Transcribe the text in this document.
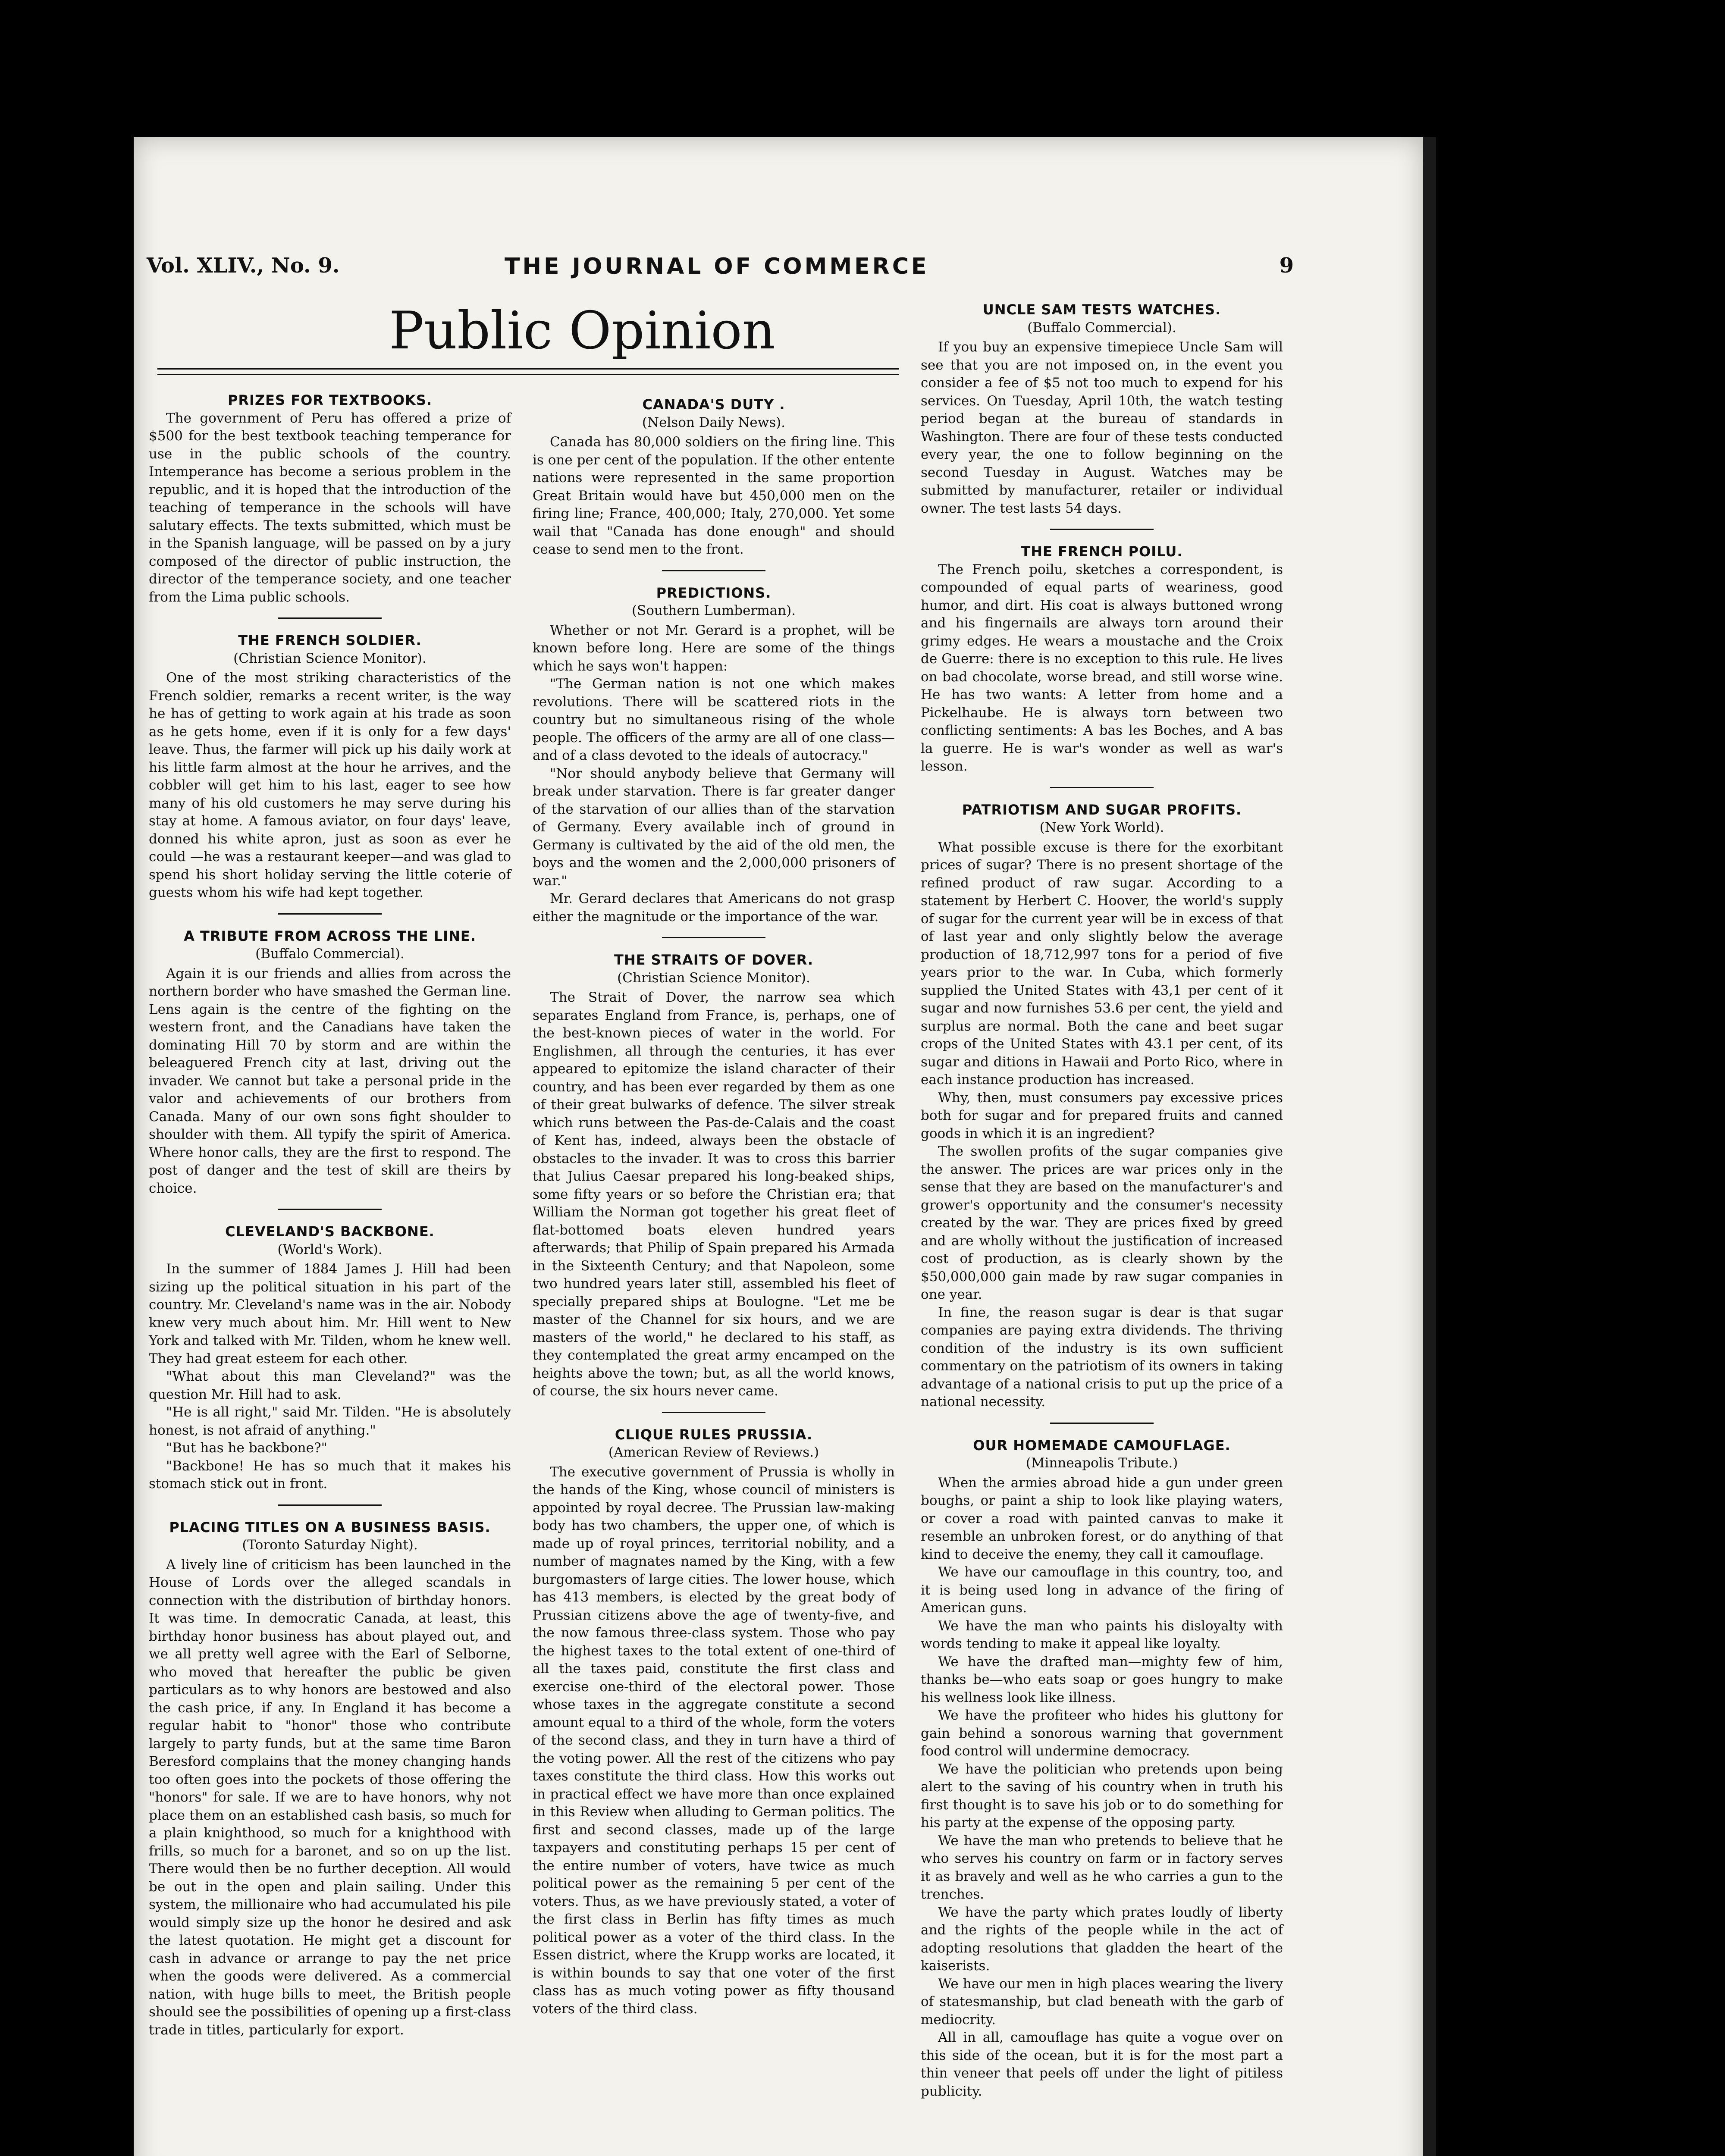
Vol. XLIV., No. 9.	THE JOURNAL OF COMMERCE	9
Public Opinion
PRIZES FOR TEXTBOOKS.

The government of Peru has offered a prize of $500 for the best textbook teaching temperance for use in the public schools of the country. Intemperance has become a serious problem in the republic, and it is hoped that the introduction of the teaching of temperance in the schools will have salutary effects. The texts submitted, which must be in the Spanish language, will be passed on by a jury composed of the director of public instruction, the director of the temperance society, and one teacher from the Lima public schools.

THE FRENCH SOLDIER.
(Christian Science Monitor).

One of the most striking characteristics of the French soldier, remarks a recent writer, is the way he has of getting to work again at his trade as soon as he gets home, even if it is only for a few days' leave. Thus, the farmer will pick up his daily work at his little farm almost at the hour he arrives, and the cobbler will get him to his last, eager to see how many of his old customers he may serve during his stay at home. A famous aviator, on four days' leave, donned his white apron, just as soon as ever he could —he was a restaurant keeper—and was glad to spend his short holiday serving the little coterie of guests whom his wife had kept together.

A TRIBUTE FROM ACROSS THE LINE.
(Buffalo Commercial).

Again it is our friends and allies from across the northern border who have smashed the German line. Lens again is the centre of the fighting on the western front, and the Canadians have taken the dominating Hill 70 by storm and are within the beleaguered French city at last, driving out the invader. We cannot but take a personal pride in the valor and achievements of our brothers from Canada. Many of our own sons fight shoulder to shoulder with them. All typify the spirit of America. Where honor calls, they are the first to respond. The post of danger and the test of skill are theirs by choice.

CLEVELAND'S BACKBONE.
(World's Work).

In the summer of 1884 James J. Hill had been sizing up the political situation in his part of the country. Mr. Cleveland's name was in the air. Nobody knew very much about him. Mr. Hill went to New York and talked with Mr. Tilden, whom he knew well. They had great esteem for each other.

"What about this man Cleveland?" was the question Mr. Hill had to ask.

"He is all right," said Mr. Tilden. "He is absolutely honest, is not afraid of anything."

"But has he backbone?"

"Backbone! He has so much that it makes his stomach stick out in front.

PLACING TITLES ON A BUSINESS BASIS.
(Toronto Saturday Night).

A lively line of criticism has been launched in the House of Lords over the alleged scandals in connection with the distribution of birthday honors. It was time. In democratic Canada, at least, this birthday honor business has about played out, and we all pretty well agree with the Earl of Selborne, who moved that hereafter the public be given particulars as to why honors are bestowed and also the cash price, if any. In England it has become a regular habit to "honor" those who contribute largely to party funds, but at the same time Baron Beresford complains that the money changing hands too often goes into the pockets of those offering the "honors" for sale. If we are to have honors, why not place them on an established cash basis, so much for a plain knighthood, so much for a knighthood with frills, so much for a baronet, and so on up the list. There would then be no further deception. All would be out in the open and plain sailing. Under this system, the millionaire who had accumulated his pile would simply size up the honor he desired and ask the latest quotation. He might get a discount for cash in advance or arrange to pay the net price when the goods were delivered. As a commercial nation, with huge bills to meet, the British people should see the possibilities of opening up a first-class trade in titles, particularly for export.

CANADA'S DUTY .
(Nelson Daily News).

Canada has 80,000 soldiers on the firing line. This is one per cent of the population. If the other entente nations were represented in the same proportion Great Britain would have but 450,000 men on the firing line; France, 400,000; Italy, 270,000. Yet some wail that "Canada has done enough" and should cease to send men to the front.

PREDICTIONS.
(Southern Lumberman).

Whether or not Mr. Gerard is a prophet, will be known before long. Here are some of the things which he says won't happen:

"The German nation is not one which makes revolutions. There will be scattered riots in the country but no simultaneous rising of the whole people. The officers of the army are all of one class—and of a class devoted to the ideals of autocracy."

"Nor should anybody believe that Germany will break under starvation. There is far greater danger of the starvation of our allies than of the starvation of Germany. Every available inch of ground in Germany is cultivated by the aid of the old men, the boys and the women and the 2,000,000 prisoners of war."

Mr. Gerard declares that Americans do not grasp either the magnitude or the importance of the war.

THE STRAITS OF DOVER.
(Christian Science Monitor).

The Strait of Dover, the narrow sea which separates England from France, is, perhaps, one of the best-known pieces of water in the world. For Englishmen, all through the centuries, it has ever appeared to epitomize the island character of their country, and has been ever regarded by them as one of their great bulwarks of defence. The silver streak which runs between the Pas-de-Calais and the coast of Kent has, indeed, always been the obstacle of obstacles to the invader. It was to cross this barrier that Julius Caesar prepared his long-beaked ships, some fifty years or so before the Christian era; that William the Norman got together his great fleet of flat-bottomed boats eleven hundred years afterwards; that Philip of Spain prepared his Armada in the Sixteenth Century; and that Napoleon, some two hundred years later still, assembled his fleet of specially prepared ships at Boulogne. "Let me be master of the Channel for six hours, and we are masters of the world," he declared to his staff, as they contemplated the great army encamped on the heights above the town; but, as all the world knows, of course, the six hours never came.

CLIQUE RULES PRUSSIA.
(American Review of Reviews.)

The executive government of Prussia is wholly in the hands of the King, whose council of ministers is appointed by royal decree. The Prussian law-making body has two chambers, the upper one, of which is made up of royal princes, territorial nobility, and a number of magnates named by the King, with a few burgomasters of large cities. The lower house, which has 413 members, is elected by the great body of Prussian citizens above the age of twenty-five, and the now famous three-class system. Those who pay the highest taxes to the total extent of one-third of all the taxes paid, constitute the first class and exercise one-third of the electoral power. Those whose taxes in the aggregate constitute a second amount equal to a third of the whole, form the voters of the second class, and they in turn have a third of the voting power. All the rest of the citizens who pay taxes constitute the third class. How this works out in practical effect we have more than once explained in this Review when alluding to German politics. The first and second classes, made up of the large taxpayers and constituting perhaps 15 per cent of the entire number of voters, have twice as much political power as the remaining 5 per cent of the voters. Thus, as we have previously stated, a voter of the first class in Berlin has fifty times as much political power as a voter of the third class. In the Essen district, where the Krupp works are located, it is within bounds to say that one voter of the first class has as much voting power as fifty thousand voters of the third class.

UNCLE SAM TESTS WATCHES.
(Buffalo Commercial).

If you buy an expensive timepiece Uncle Sam will see that you are not imposed on, in the event you consider a fee of $5 not too much to expend for his services. On Tuesday, April 10th, the watch testing period began at the bureau of standards in Washington. There are four of these tests conducted every year, the one to follow beginning on the second Tuesday in August. Watches may be submitted by manufacturer, retailer or individual owner. The test lasts 54 days.

THE FRENCH POILU.

The French poilu, sketches a correspondent, is compounded of equal parts of weariness, good humor, and dirt. His coat is always buttoned wrong and his fingernails are always torn around their grimy edges. He wears a moustache and the Croix de Guerre: there is no exception to this rule. He lives on bad chocolate, worse bread, and still worse wine. He has two wants: A letter from home and a Pickelhaube. He is always torn between two conflicting sentiments: A bas les Boches, and A bas la guerre. He is war's wonder as well as war's lesson.

PATRIOTISM AND SUGAR PROFITS.
(New York World).

What possible excuse is there for the exorbitant prices of sugar? There is no present shortage of the refined product of raw sugar. According to a statement by Herbert C. Hoover, the world's supply of sugar for the current year will be in excess of that of last year and only slightly below the average production of 18,712,997 tons for a period of five years prior to the war. In Cuba, which formerly supplied the United States with 43,1 per cent of it sugar and now furnishes 53.6 per cent, the yield and surplus are normal. Both the cane and beet sugar crops of the United States with 43.1 per cent, of its sugar and ditions in Hawaii and Porto Rico, where in each instance production has increased.

Why, then, must consumers pay excessive prices both for sugar and for prepared fruits and canned goods in which it is an ingredient?

The swollen profits of the sugar companies give the answer. The prices are war prices only in the sense that they are based on the manufacturer's and grower's opportunity and the consumer's necessity created by the war. They are prices fixed by greed and are wholly without the justification of increased cost of production, as is clearly shown by the $50,000,000 gain made by raw sugar companies in one year.

In fine, the reason sugar is dear is that sugar companies are paying extra dividends. The thriving condition of the industry is its own sufficient commentary on the patriotism of its owners in taking advantage of a national crisis to put up the price of a national necessity.

OUR HOMEMADE CAMOUFLAGE.
(Minneapolis Tribute.)

When the armies abroad hide a gun under green boughs, or paint a ship to look like playing waters, or cover a road with painted canvas to make it resemble an unbroken forest, or do anything of that kind to deceive the enemy, they call it camouflage.

We have our camouflage in this country, too, and it is being used long in advance of the firing of American guns.

We have the man who paints his disloyalty with words tending to make it appeal like loyalty.

We have the drafted man—mighty few of him, thanks be—who eats soap or goes hungry to make his wellness look like illness.

We have the profiteer who hides his gluttony for gain behind a sonorous warning that government food control will undermine democracy.

We have the politician who pretends upon being alert to the saving of his country when in truth his first thought is to save his job or to do something for his party at the expense of the opposing party.

We have the man who pretends to believe that he who serves his country on farm or in factory serves it as bravely and well as he who carries a gun to the trenches.

We have the party which prates loudly of liberty and the rights of the people while in the act of adopting resolutions that gladden the heart of the kaiserists.

We have our men in high places wearing the livery of statesmanship, but clad beneath with the garb of mediocrity.

All in all, camouflage has quite a vogue over on this side of the ocean, but it is for the most part a thin veneer that peels off under the light of pitiless publicity.
